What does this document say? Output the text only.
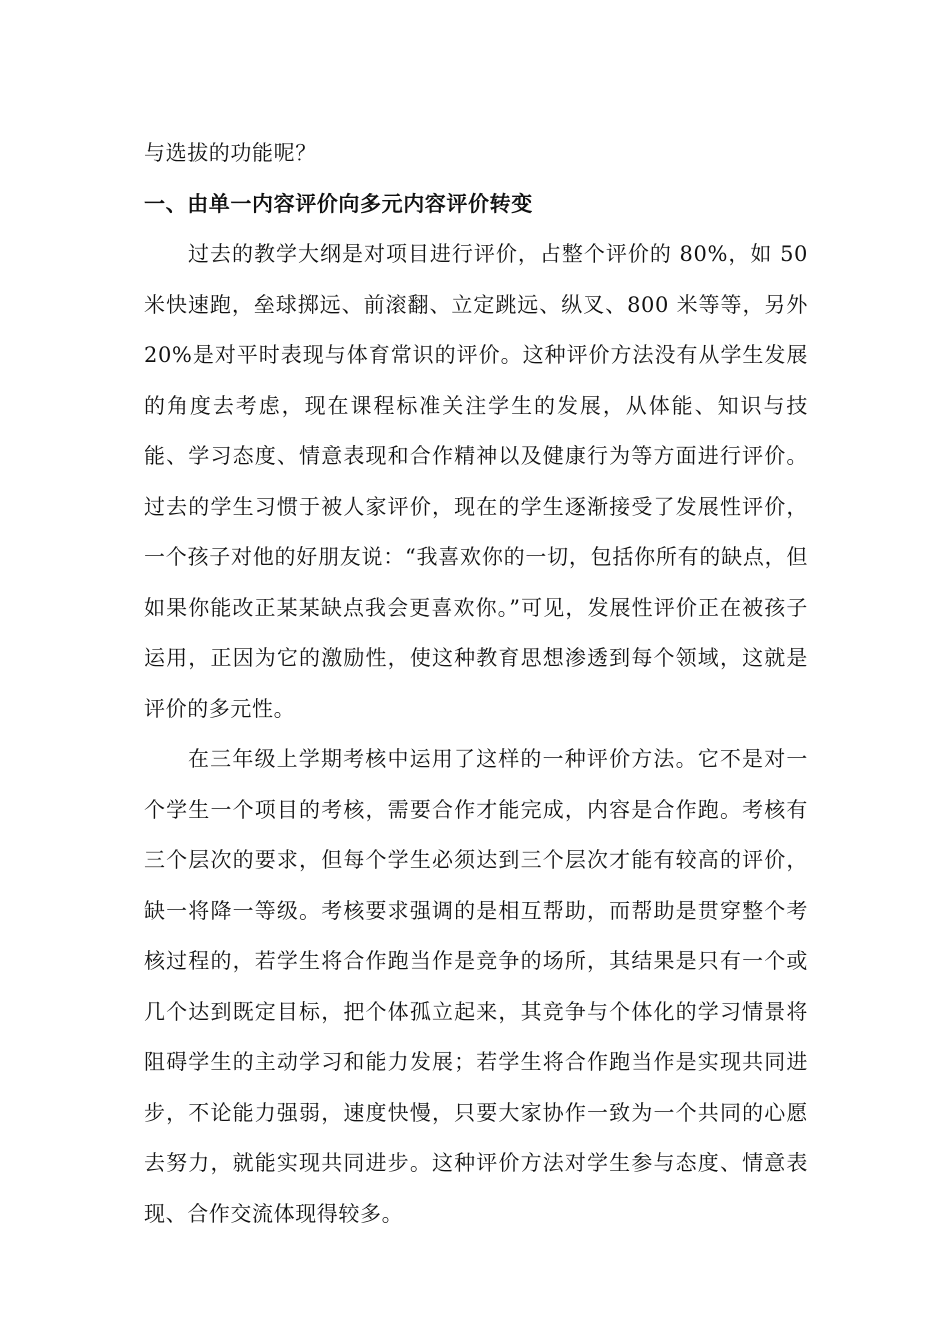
与选拔的功能呢？

一、由单一内容评价向多元内容评价转变

过去的教学大纲是对项目进行评价，占整个评价的 80%，如 50 米快速跑，垒球掷远、前滚翻、立定跳远、纵叉、800 米等等，另外 20%是对平时表现与体育常识的评价。这种评价方法没有从学生发展的角度去考虑，现在课程标准关注学生的发展，从体能、知识与技能、学习态度、情意表现和合作精神以及健康行为等方面进行评价。过去的学生习惯于被人家评价，现在的学生逐渐接受了发展性评价，一个孩子对他的好朋友说：“我喜欢你的一切，包括你所有的缺点，但如果你能改正某某缺点我会更喜欢你。”可见，发展性评价正在被孩子运用，正因为它的激励性，使这种教育思想渗透到每个领域，这就是评价的多元性。

在三年级上学期考核中运用了这样的一种评价方法。它不是对一个学生一个项目的考核，需要合作才能完成，内容是合作跑。考核有三个层次的要求，但每个学生必须达到三个层次才能有较高的评价，缺一将降一等级。考核要求强调的是相互帮助，而帮助是贯穿整个考核过程的，若学生将合作跑当作是竞争的场所，其结果是只有一个或几个达到既定目标，把个体孤立起来，其竞争与个体化的学习情景将阻碍学生的主动学习和能力发展；若学生将合作跑当作是实现共同进步，不论能力强弱，速度快慢，只要大家协作一致为一个共同的心愿去努力，就能实现共同进步。这种评价方法对学生参与态度、情意表现、合作交流体现得较多。
